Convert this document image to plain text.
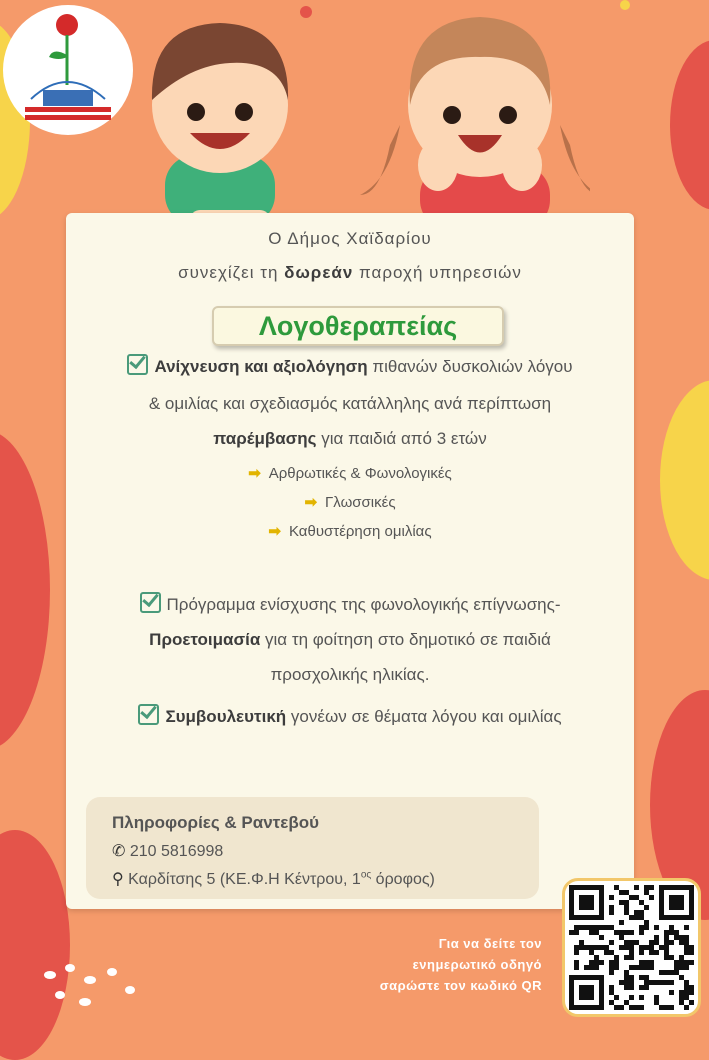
Ο Δήμος Χαϊδαρίου
συνεχίζει τη δωρεάν παροχή υπηρεσιών
Λογοθεραπείας
Ανίχνευση και αξιολόγηση πιθανών δυσκολιών λόγου
& ομιλίας και σχεδιασμός κατάλληλης ανά περίπτωση
παρέμβασης για παιδιά από 3 ετών
➡ Αρθρωτικές & Φωνολογικές
➡ Γλωσσικές
➡ Καθυστέρηση ομιλίας
Πρόγραμμα ενίσχυσης της φωνολογικής επίγνωσης-
Προετοιμασία για τη φοίτηση στο δημοτικό σε παιδιά
προσχολικής ηλικίας.
Συμβουλευτική γονέων σε θέματα λόγου και ομιλίας
Πληροφορίες & Ραντεβού
✆ 210 5816998
⚲ Καρδίτσης 5 (ΚΕ.Φ.Η Κέντρου, $1^{o\varsigma}$ όροφος)
Για να δείτε τον
ενημερωτικό οδηγό
σαρώστε τον κωδικό QR
